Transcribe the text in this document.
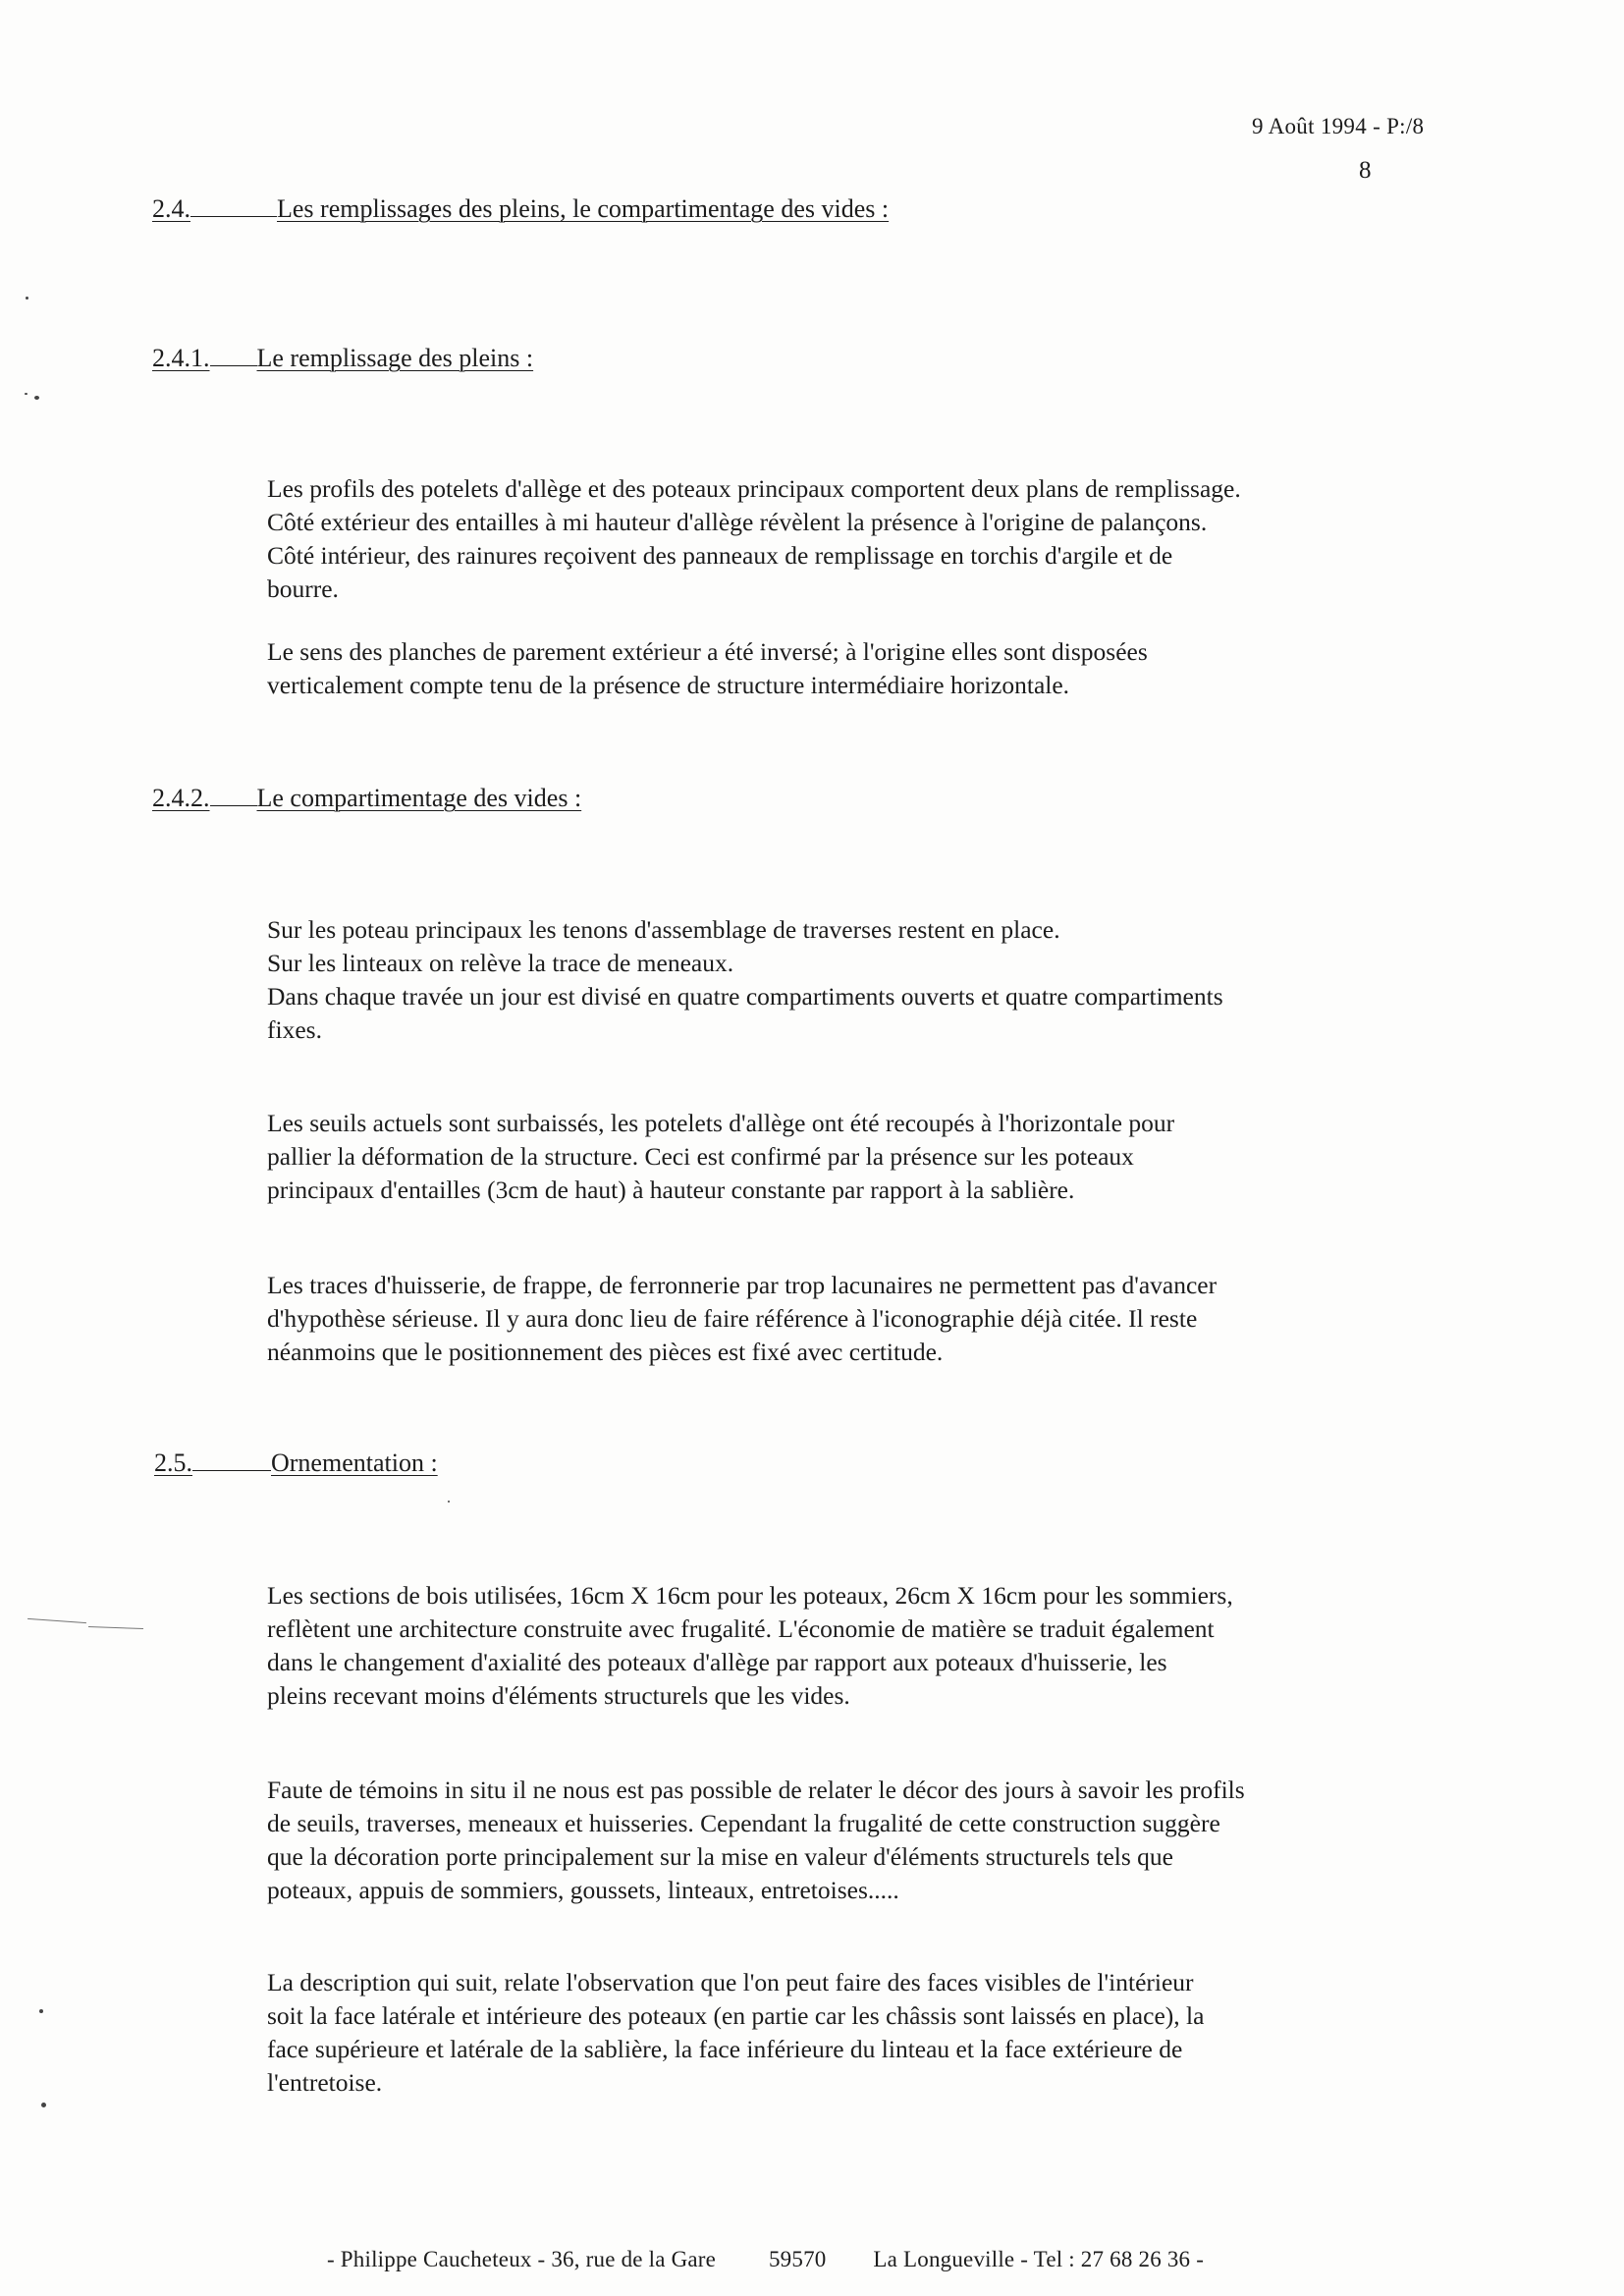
9 Août 1994 - P:/8
8
2.4.	Les remplissages des pleins, le compartimentage des vides :
2.4.1. Le remplissage des pleins :
Les profils des potelets d'allège et des poteaux principaux comportent deux plans de remplissage.
Côté extérieur des entailles à mi hauteur d'allège révèlent la présence à l'origine de palançons.
Côté intérieur, des rainures reçoivent des panneaux de remplissage en torchis d'argile et de
bourre.
Le sens des planches de parement extérieur a été inversé; à l'origine elles sont disposées
verticalement compte tenu de la présence de structure intermédiaire horizontale.
2.4.2. Le compartimentage des vides :
Sur les poteau principaux les tenons d'assemblage de traverses restent en place.
Sur les linteaux on relève la trace de meneaux.
Dans chaque travée un jour est divisé en quatre compartiments ouverts et quatre compartiments
fixes.
Les seuils actuels sont surbaissés, les potelets d'allège ont été recoupés à l'horizontale pour
pallier la déformation de la structure. Ceci est confirmé par la présence sur les poteaux
principaux d'entailles (3cm de haut) à hauteur constante par rapport à la sablière.
Les traces d'huisserie, de frappe, de ferronnerie par trop lacunaires ne permettent pas d'avancer
d'hypothèse sérieuse. Il y aura donc lieu de faire référence à l'iconographie déjà citée. Il reste
néanmoins que le positionnement des pièces est fixé avec certitude.
2.5.	Ornementation :
Les sections de bois utilisées, 16cm X 16cm pour les poteaux, 26cm X 16cm pour les sommiers,
reflètent une architecture construite avec frugalité. L'économie de matière se traduit également
dans le changement d'axialité des poteaux d'allège par rapport aux poteaux d'huisserie, les
pleins recevant moins d'éléments structurels que les vides.
Faute de témoins in situ il ne nous est pas possible de relater le décor des jours à savoir les profils
de seuils, traverses, meneaux et huisseries. Cependant la frugalité de cette construction suggère
que la décoration porte principalement sur la mise en valeur d'éléments structurels tels que
poteaux, appuis de sommiers, goussets, linteaux, entretoises.....
La description qui suit, relate l'observation que l'on peut faire des faces visibles de l'intérieur
soit la face latérale et intérieure des poteaux (en partie car les châssis sont laissés en place), la
face supérieure et latérale de la sablière, la face inférieure du linteau et la face extérieure de
l'entretoise.
- Philippe Caucheteux - 36, rue de la Gare 59570 La Longueville - Tel : 27 68 26 36 -
